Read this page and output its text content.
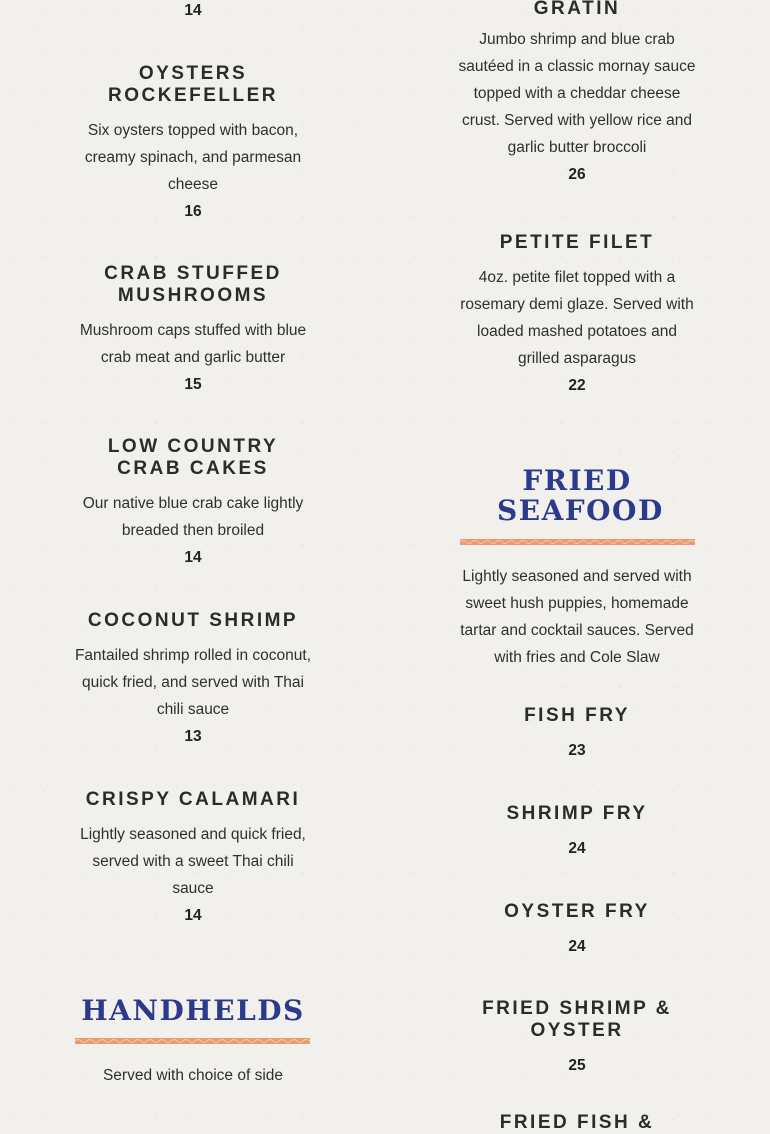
14
OYSTERS ROCKEFELLER
Six oysters topped with bacon, creamy spinach, and parmesan cheese
16
CRAB STUFFED MUSHROOMS
Mushroom caps stuffed with blue crab meat and garlic butter
15
LOW COUNTRY CRAB CAKES
Our native blue crab cake lightly breaded then broiled
14
COCONUT SHRIMP
Fantailed shrimp rolled in coconut, quick fried, and served with Thai chili sauce
13
CRISPY CALAMARI
Lightly seasoned and quick fried, served with a sweet Thai chili sauce
14
HANDHELDS
Served with choice of side
GRATIN
Jumbo shrimp and blue crab sautéed in a classic mornay sauce topped with a cheddar cheese crust. Served with yellow rice and garlic butter broccoli
26
PETITE FILET
4oz. petite filet topped with a rosemary demi glaze. Served with loaded mashed potatoes and grilled asparagus
22
FRIED SEAFOOD
Lightly seasoned and served with sweet hush puppies, homemade tartar and cocktail sauces. Served with fries and Cole Slaw
FISH FRY
23
SHRIMP FRY
24
OYSTER FRY
24
FRIED SHRIMP & OYSTER
25
FRIED FISH &
